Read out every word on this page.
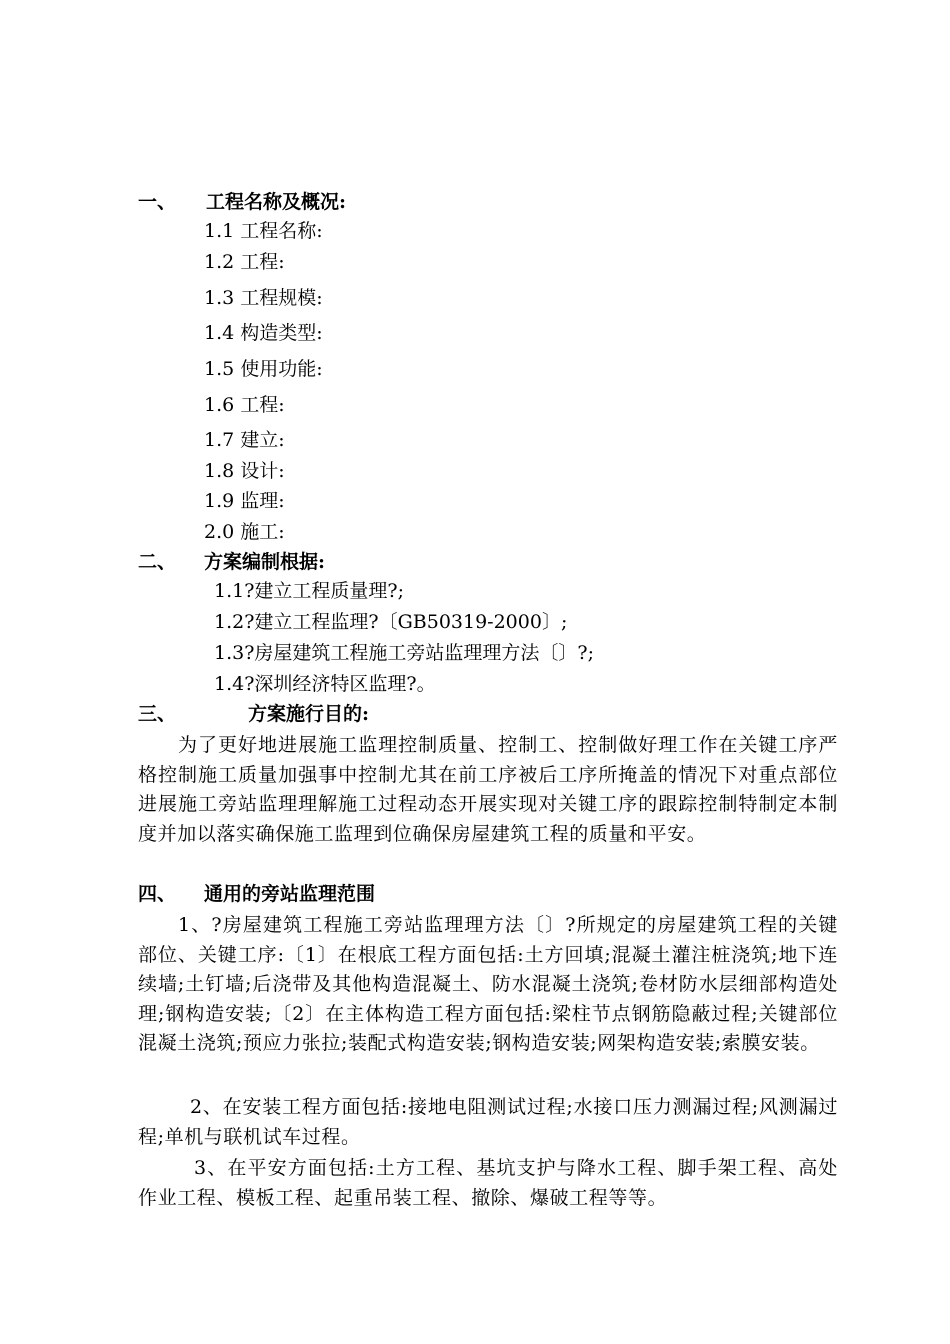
一、 工程名称及概况:
1.1 工程名称:
1.2 工程:
1.3 工程规模:
1.4 构造类型:
1.5 使用功能:
1.6 工程:
1.7 建立:
1.8 设计:
1.9 监理:
2.0 施工:
二、 方案编制根据:
1.1?建立工程质量理?;
1.2?建立工程监理?〔GB50319-2000〕;
1.3?房屋建筑工程施工旁站监理理方法〔〕?;
1.4?深圳经济特区监理?。
三、	方案施行目的:
为了更好地进展施工监理控制质量、控制工、控制做好理工作在关键工序严格控制施工质量加强事中控制尤其在前工序被后工序所掩盖的情况下对重点部位进展施工旁站监理理解施工过程动态开展实现对关键工序的跟踪控制特制定本制度并加以落实确保施工监理到位确保房屋建筑工程的质量和平安。
四、 通用的旁站监理范围
1、?房屋建筑工程施工旁站监理理方法〔〕?所规定的房屋建筑工程的关键部位、关键工序:〔1〕在根底工程方面包括:土方回填;混凝土灌注桩浇筑;地下连续墙;土钉墙;后浇带及其他构造混凝土、防水混凝土浇筑;卷材防水层细部构造处理;钢构造安装;〔2〕在主体构造工程方面包括:梁柱节点钢筋隐蔽过程;关键部位混凝土浇筑;预应力张拉;装配式构造安装;钢构造安装;网架构造安装;索膜安装。
2、在安装工程方面包括:接地电阻测试过程;水接口压力测漏过程;风测漏过程;单机与联机试车过程。
3、在平安方面包括:土方工程、基坑支护与降水工程、脚手架工程、高处作业工程、模板工程、起重吊装工程、撤除、爆破工程等等。
